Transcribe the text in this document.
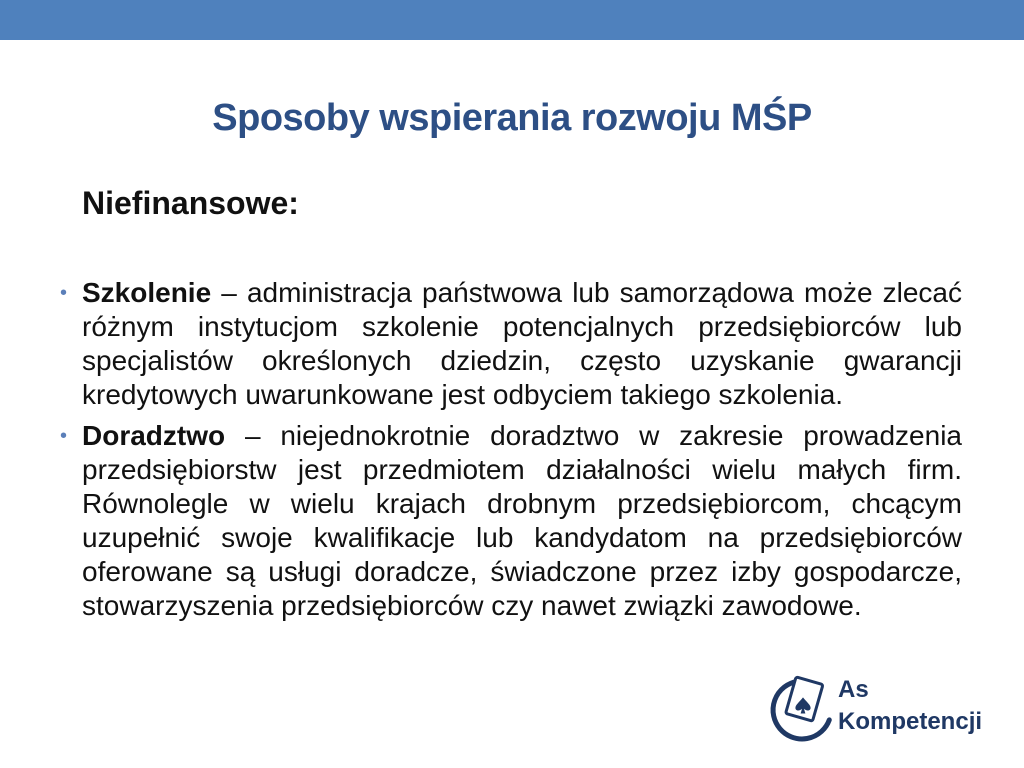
Sposoby wspierania rozwoju MŚP
Niefinansowe:
• Szkolenie – administracja państwowa lub samorządowa może zlecać różnym instytucjom szkolenie potencjalnych przedsiębiorców lub specjalistów określonych dziedzin, często uzyskanie gwarancji kredytowych uwarunkowane jest odbyciem takiego szkolenia.
• Doradztwo – niejednokrotnie doradztwo w zakresie prowadzenia przedsiębiorstw jest przedmiotem działalności wielu małych firm. Równolegle w wielu krajach drobnym przedsiębiorcom, chcącym uzupełnić swoje kwalifikacje lub kandydatom na przedsiębiorców oferowane są usługi doradcze, świadczone przez izby gospodarcze, stowarzyszenia przedsiębiorców czy nawet związki zawodowe.
As
Kompetencji
